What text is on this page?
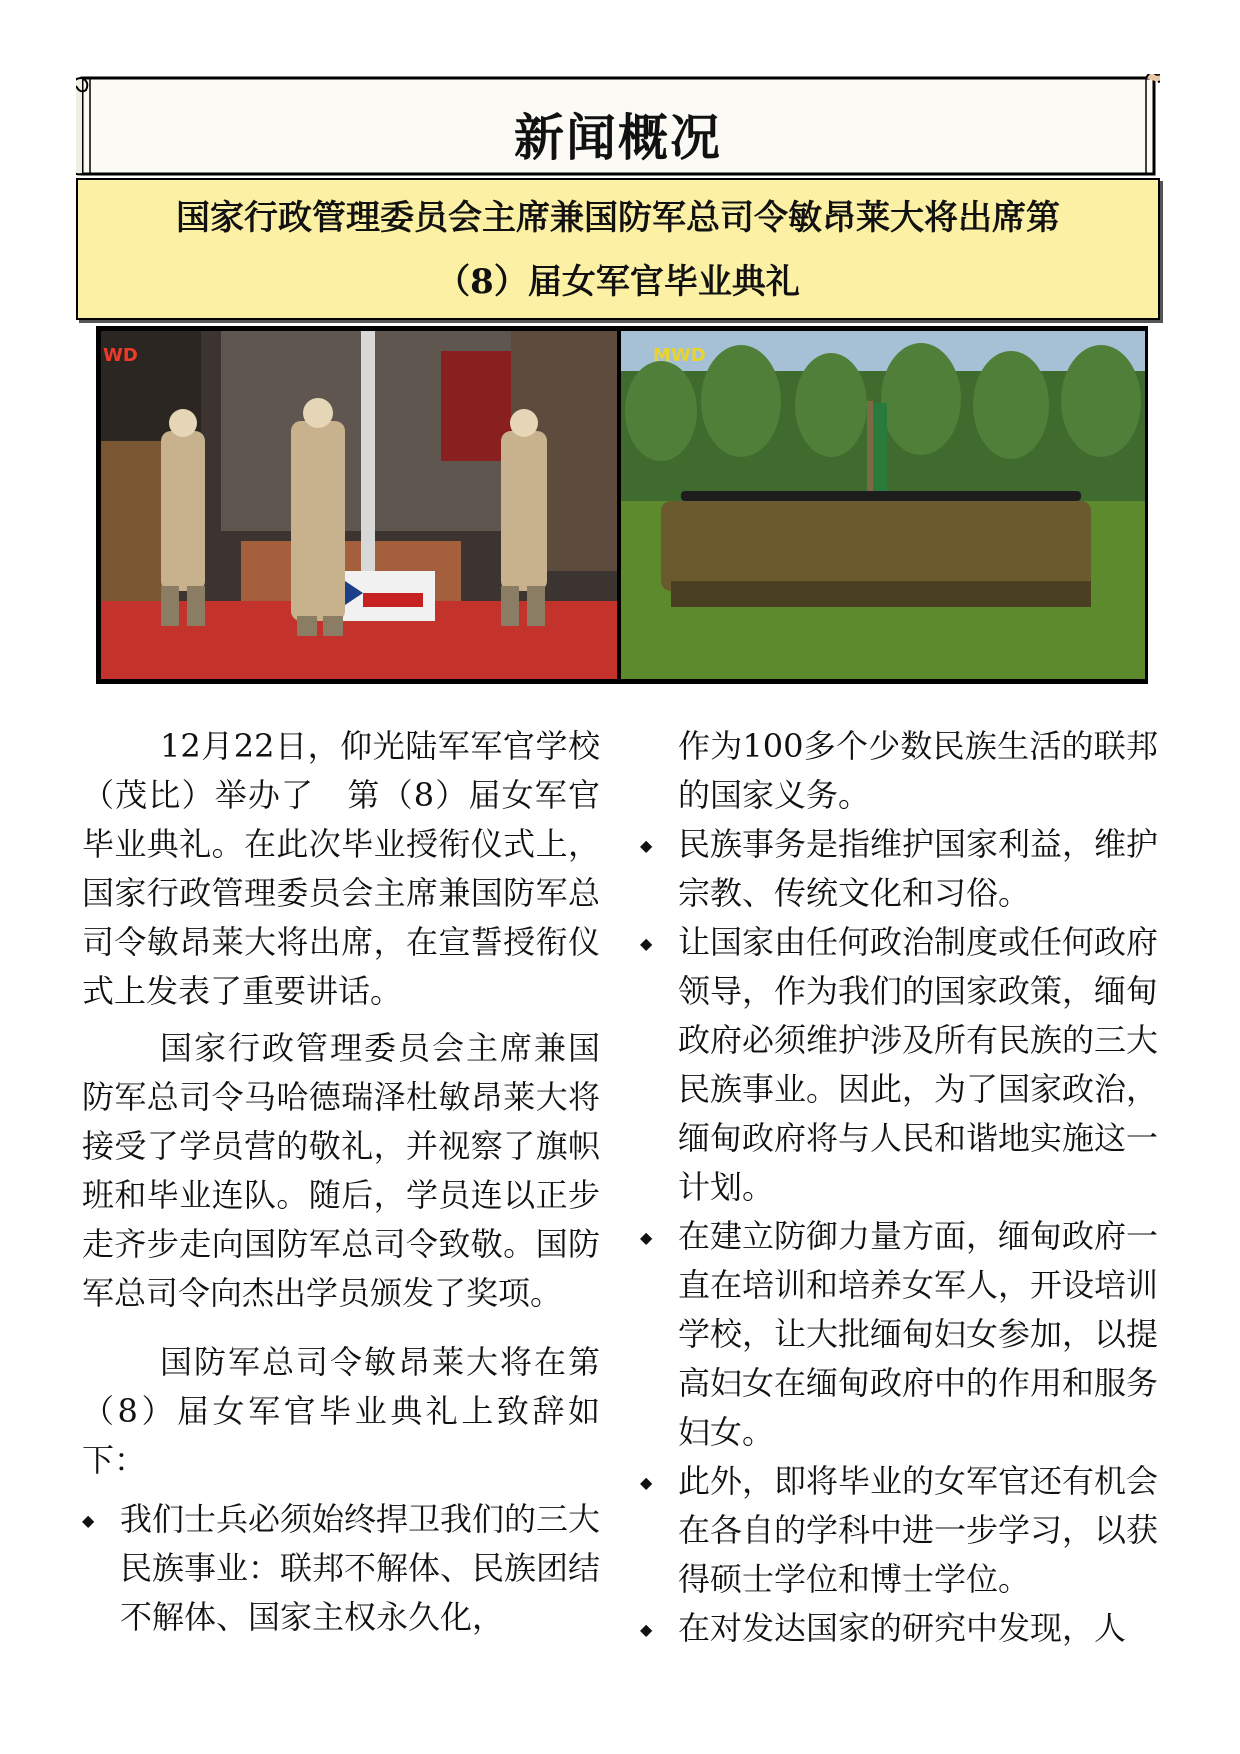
新闻概况
国家行政管理委员会主席兼国防军总司令敏昂莱大将出席第
（8）届女军官毕业典礼
WD	MWD

12月22日，仰光陆军军官学校（茂比）举办了　第（8）届女军官毕业典礼。在此次毕业授衔仪式上，国家行政管理委员会主席兼国防军总司令敏昂莱大将出席，在宣誓授衔仪式上发表了重要讲话。

国家行政管理委员会主席兼国防军总司令马哈德瑞泽杜敏昂莱大将接受了学员营的敬礼，并视察了旗帜班和毕业连队。随后，学员连以正步走齐步走向国防军总司令致敬。国防军总司令向杰出学员颁发了奖项。

国防军总司令敏昂莱大将在第（8）届女军官毕业典礼上致辞如下：

◆ 我们士兵必须始终捍卫我们的三大民族事业：联邦不解体、民族团结不解体、国家主权永久化，

作为100多个少数民族生活的联邦的国家义务。

◆ 民族事务是指维护国家利益，维护宗教、传统文化和习俗。

◆ 让国家由任何政治制度或任何政府领导，作为我们的国家政策，缅甸政府必须维护涉及所有民族的三大民族事业。因此，为了国家政治，缅甸政府将与人民和谐地实施这一计划。

◆ 在建立防御力量方面，缅甸政府一直在培训和培养女军人，开设培训学校，让大批缅甸妇女参加，以提高妇女在缅甸政府中的作用和服务妇女。

◆ 此外，即将毕业的女军官还有机会在各自的学科中进一步学习，以获得硕士学位和博士学位。

◆ 在对发达国家的研究中发现，人
